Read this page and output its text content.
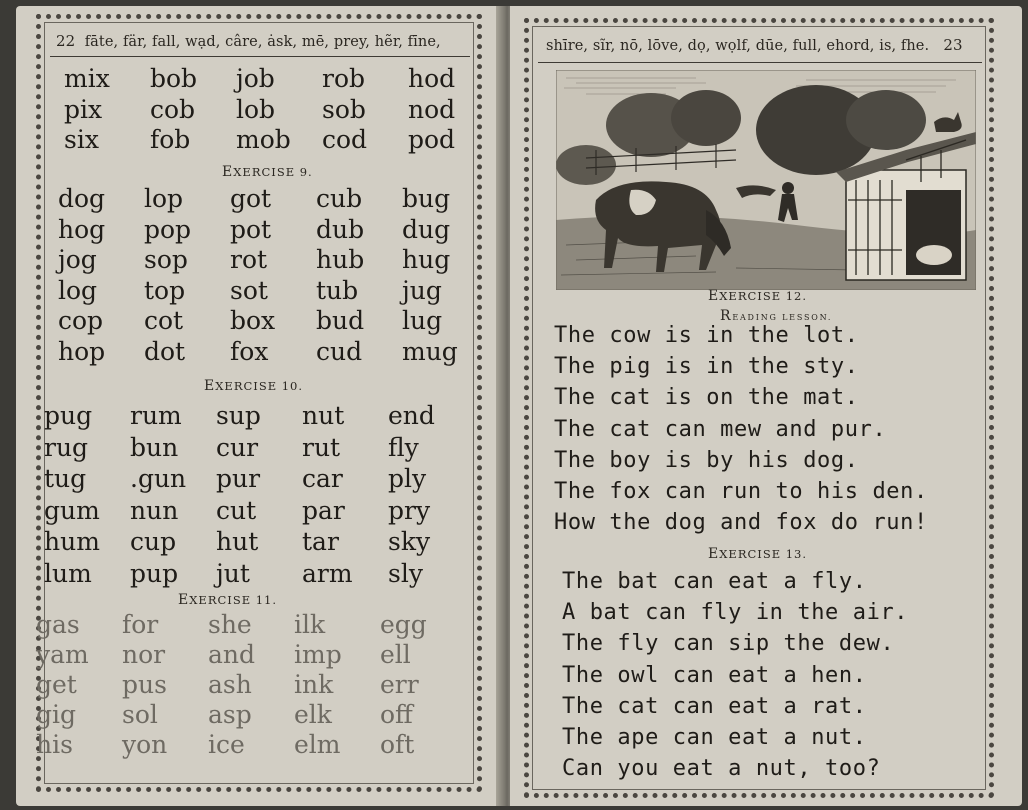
22 fāte, fär, fall, wạd, câre, ȧsk, mē, prey, hẽr, fīne,
mix	bob	job	rob	hod
pix	cob	lob	sob	nod
six	fob	mob	cod	pod
EXERCISE 9.
dog	lop	got	cub	bug
hog	pop	pot	dub	dug
jog	sop	rot	hub	hug
log	top	sot	tub	jug
cop	cot	box	bud	lug
hop	dot	fox	cud	mug
EXERCISE 10.
pug	rum	sup	nut	end
rug	bun	cur	rut	fly
tug	.gun	pur	car	ply
gum	nun	cut	par	pry
hum	cup	hut	tar	sky
lum	pup	jut	arm	sly
EXERCISE 11.
gas	for	she	ilk	egg
yam	nor	and	imp	ell
get	pus	ash	ink	err
gig	sol	asp	elk	off
his	yon	ice	elm	oft
shīre, sĩr, nō, lōve, dọ, wọlf, dūe, full, ehord, is, fhe. 23
EXERCISE 12.
READING LESSON.
The cow is in the lot.
The pig is in the sty.
The cat is on the mat.
The cat can mew and pur.
The boy is by his dog.
The fox can run to his den.
How the dog and fox do run!
EXERCISE 13.
The bat can eat a fly.
A bat can fly in the air.
The fly can sip the dew.
The owl can eat a hen.
The cat can eat a rat.
The ape can eat a nut.
Can you eat a nut, too?
